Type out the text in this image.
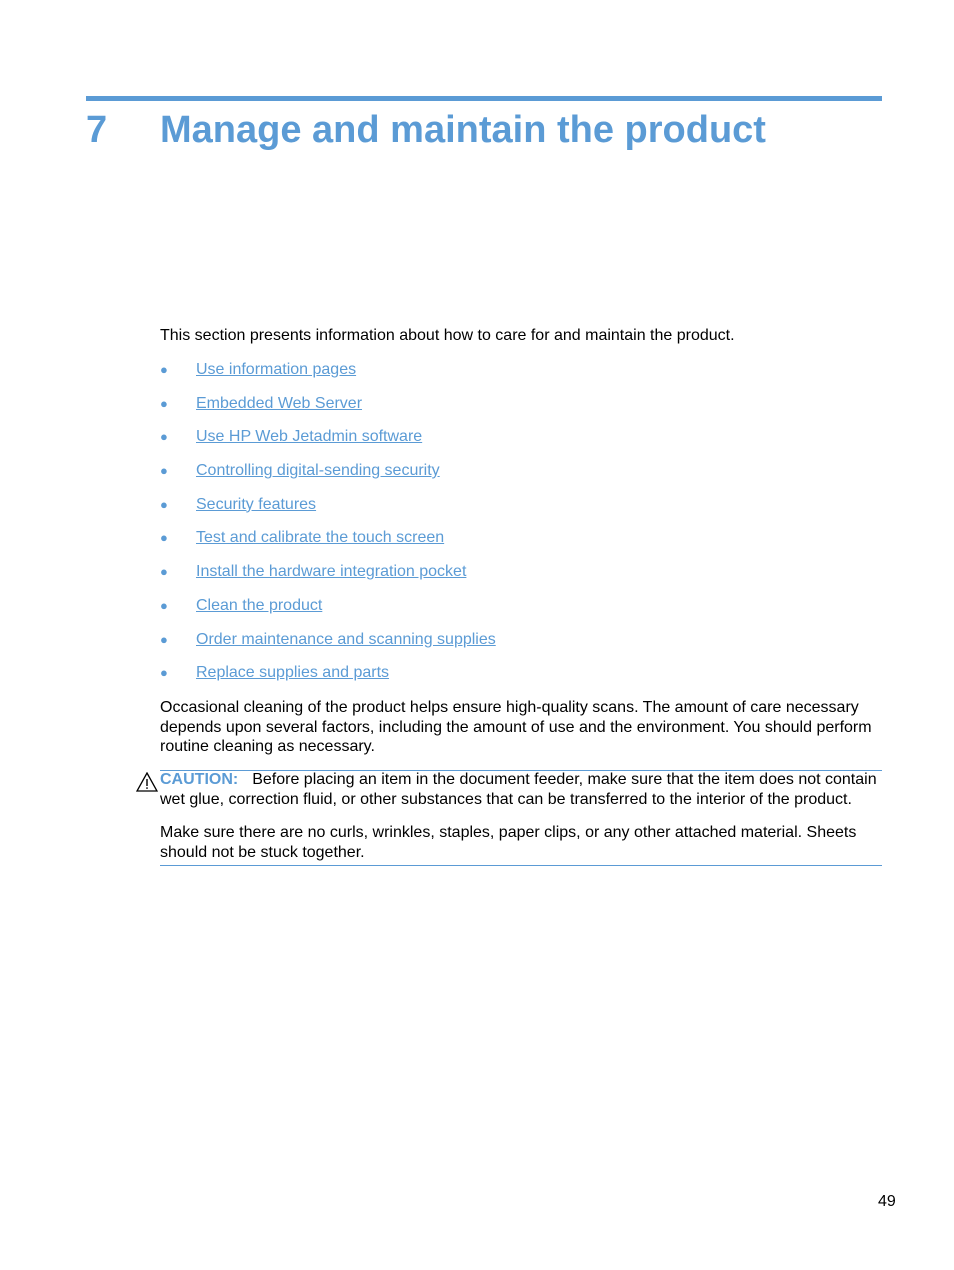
7 Manage and maintain the product
This section presents information about how to care for and maintain the product.
● Use information pages
● Embedded Web Server
● Use HP Web Jetadmin software
● Controlling digital-sending security
● Security features
● Test and calibrate the touch screen
● Install the hardware integration pocket
● Clean the product
● Order maintenance and scanning supplies
● Replace supplies and parts
Occasional cleaning of the product helps ensure high-quality scans. The amount of care necessary depends upon several factors, including the amount of use and the environment. You should perform routine cleaning as necessary.
CAUTION: Before placing an item in the document feeder, make sure that the item does not contain wet glue, correction fluid, or other substances that can be transferred to the interior of the product.
Make sure there are no curls, wrinkles, staples, paper clips, or any other attached material. Sheets should not be stuck together.
49
